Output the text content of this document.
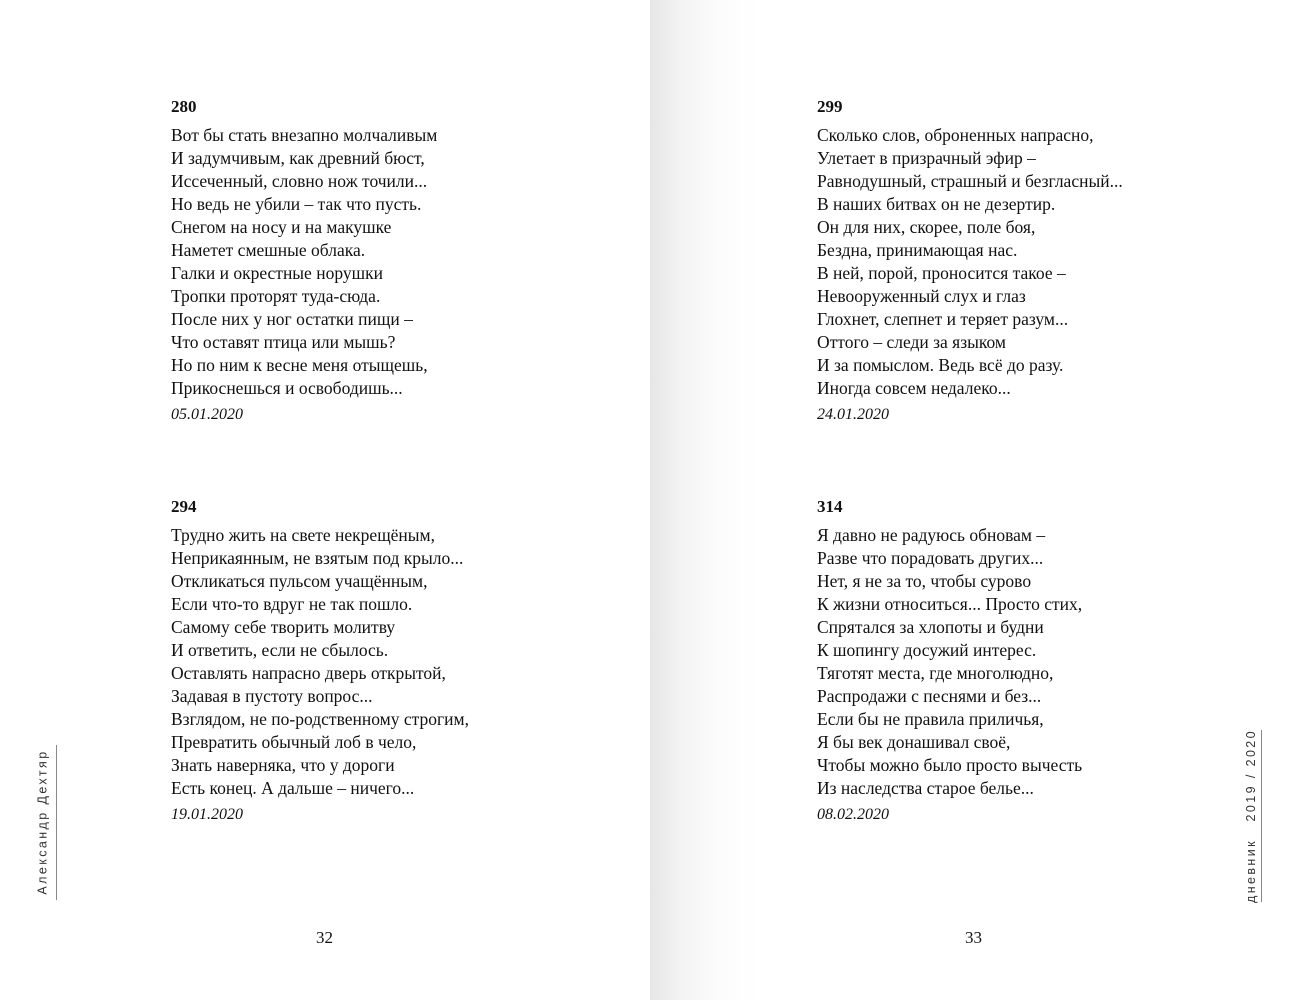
280
Вот бы стать внезапно молчаливым
И задумчивым, как древний бюст,
Иссеченный, словно нож точили...
Но ведь не убили – так что пусть.
Снегом на носу и на макушке
Наметет смешные облака.
Галки и окрестные норушки
Тропки проторят туда-сюда.
После них у ног остатки пищи –
Что оставят птица или мышь?
Но по ним к весне меня отыщешь,
Прикоснешься и освободишь...
05.01.2020
294
Трудно жить на свете некрещёным,
Неприкаянным, не взятым под крыло...
Откликаться пульсом учащённым,
Если что-то вдруг не так пошло.
Самому себе творить молитву
И ответить, если не сбылось.
Оставлять напрасно дверь открытой,
Задавая в пустоту вопрос...
Взглядом, не по-родственному строгим,
Превратить обычный лоб в чело,
Знать наверняка, что у дороги
Есть конец. А дальше – ничего...
19.01.2020
Александр Дехтяр
32
299
Сколько слов, оброненных напрасно,
Улетает в призрачный эфир –
Равнодушный, страшный и безгласный...
В наших битвах он не дезертир.
Он для них, скорее, поле боя,
Бездна, принимающая нас.
В ней, порой, проносится такое –
Невооруженный слух и глаз
Глохнет, слепнет и теряет разум...
Оттого – следи за языком
И за помыслом. Ведь всё до разу.
Иногда совсем недалеко...
24.01.2020
314
Я давно не радуюсь обновам –
Разве что порадовать других...
Нет, я не за то, чтобы сурово
К жизни относиться... Просто стих,
Спрятался за хлопоты и будни
К шопингу досужий интерес.
Тяготят места, где многолюдно,
Распродажи с песнями и без...
Если бы не правила приличья,
Я бы век донашивал своё,
Чтобы можно было просто вычесть
Из наследства старое белье...
08.02.2020	дневник   2019 / 2020
33
